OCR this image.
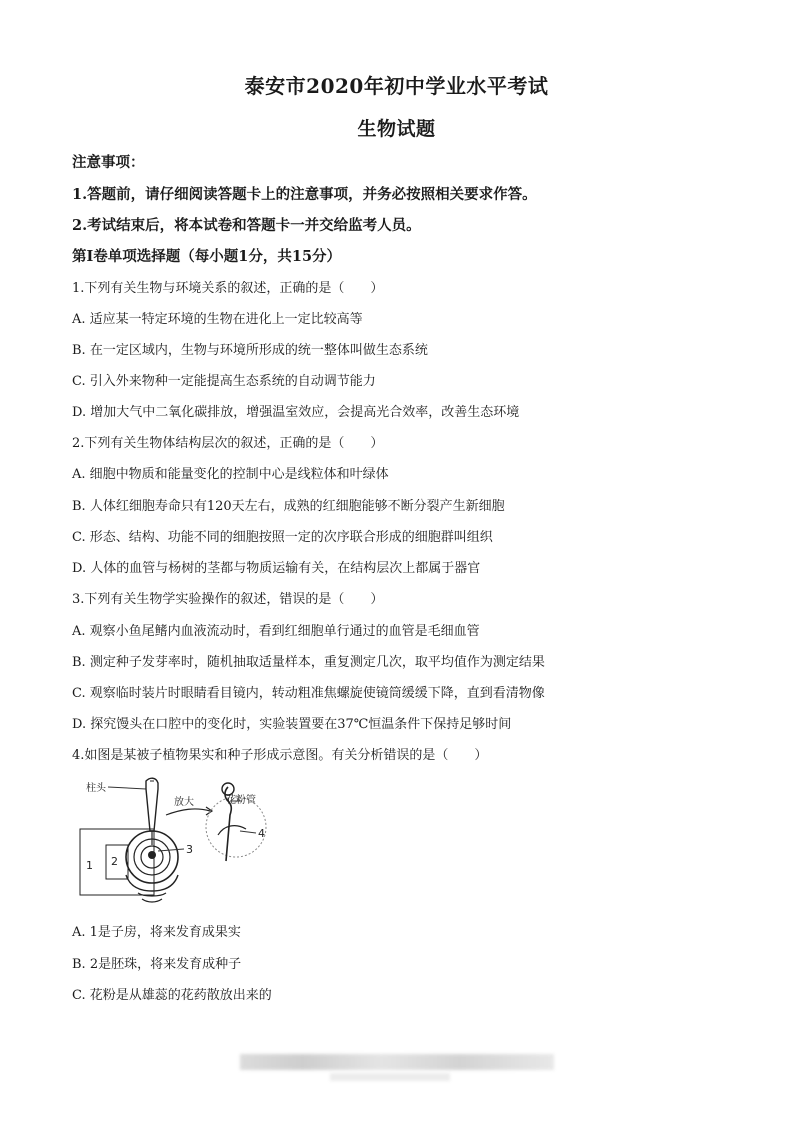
泰安市2020年初中学业水平考试
生物试题
注意事项：
1.答题前，请仔细阅读答题卡上的注意事项，并务必按照相关要求作答。
2.考试结束后，将本试卷和答题卡一并交给监考人员。
第Ⅰ卷单项选择题（每小题1分，共15分）
1.下列有关生物与环境关系的叙述，正确的是（　　）
A. 适应某一特定环境的生物在进化上一定比较高等
B. 在一定区域内，生物与环境所形成的统一整体叫做生态系统
C. 引入外来物种一定能提高生态系统的自动调节能力
D. 增加大气中二氧化碳排放，增强温室效应，会提高光合效率，改善生态环境
2.下列有关生物体结构层次的叙述，正确的是（　　）
A. 细胞中物质和能量变化的控制中心是线粒体和叶绿体
B. 人体红细胞寿命只有120天左右，成熟的红细胞能够不断分裂产生新细胞
C. 形态、结构、功能不同的细胞按照一定的次序联合形成的细胞群叫组织
D. 人体的血管与杨树的茎都与物质运输有关，在结构层次上都属于器官
3.下列有关生物学实验操作的叙述，错误的是（　　）
A. 观察小鱼尾鳍内血液流动时，看到红细胞单行通过的血管是毛细血管
B. 测定种子发芽率时，随机抽取适量样本，重复测定几次，取平均值作为测定结果
C. 观察临时装片时眼睛看目镜内，转动粗准焦螺旋使镜筒缓缓下降，直到看清物像
D. 探究馒头在口腔中的变化时，实验装置要在37℃恒温条件下保持足够时间
4.如图是某被子植物果实和种子形成示意图。有关分析错误的是（　　）
柱头
1 2
3
放大	花粉管
4
A. 1是子房，将来发育成果实
B. 2是胚珠，将来发育成种子
C. 花粉是从雄蕊的花药散放出来的
